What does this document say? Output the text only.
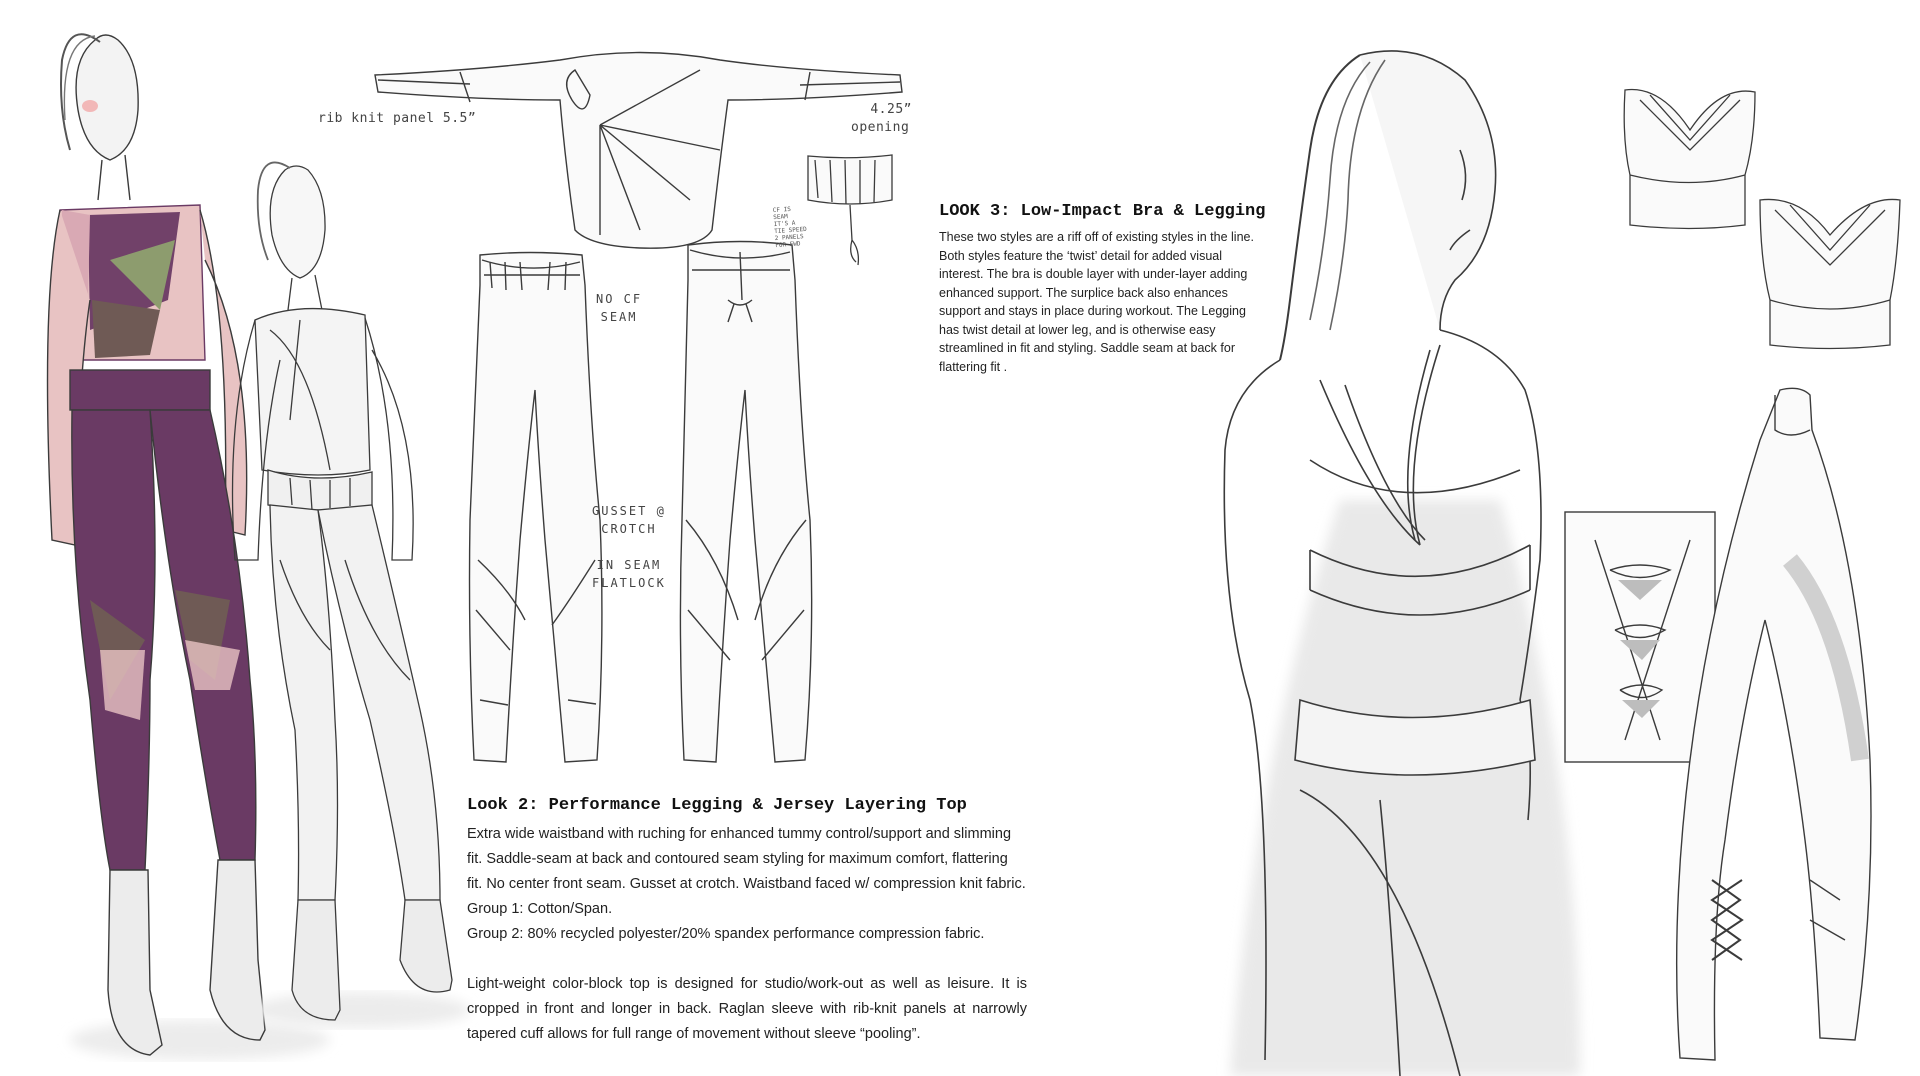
rib knit panel 5.5”
4.25”
opening
NO CF
SEAM
GUSSET @
CROTCH
IN SEAM
FLATLOCK
CF IS
SEAM
IT'S A
TIE SPEED
2 PANELS
FOR FWD
Look 2: Performance Legging & Jersey Layering Top

Extra wide waistband with ruching for enhanced tummy control/support and slimming fit. Saddle-seam at back and contoured seam styling for maximum comfort, flattering fit. No center front seam. Gusset at crotch. Waistband faced w/ compression knit fabric.

Group 1: Cotton/Span.

Group 2: 80% recycled polyester/20% spandex performance compression fabric.

Light-weight color-block top is designed for studio/work-out as well as leisure. It is cropped in front and longer in back. Raglan sleeve with rib-knit panels at narrowly tapered cuff allows for full range of movement without sleeve “pooling”.

LOOK 3: Low-Impact Bra & Legging

These two styles are a riff off of existing styles in the line. Both styles feature the ‘twist’ detail for added visual interest. The bra is double layer with under-layer adding enhanced support. The surplice back also enhances support and stays in place during workout. The Legging has twist detail at lower leg, and is otherwise easy streamlined in fit and styling. Saddle seam at back for flattering fit .
